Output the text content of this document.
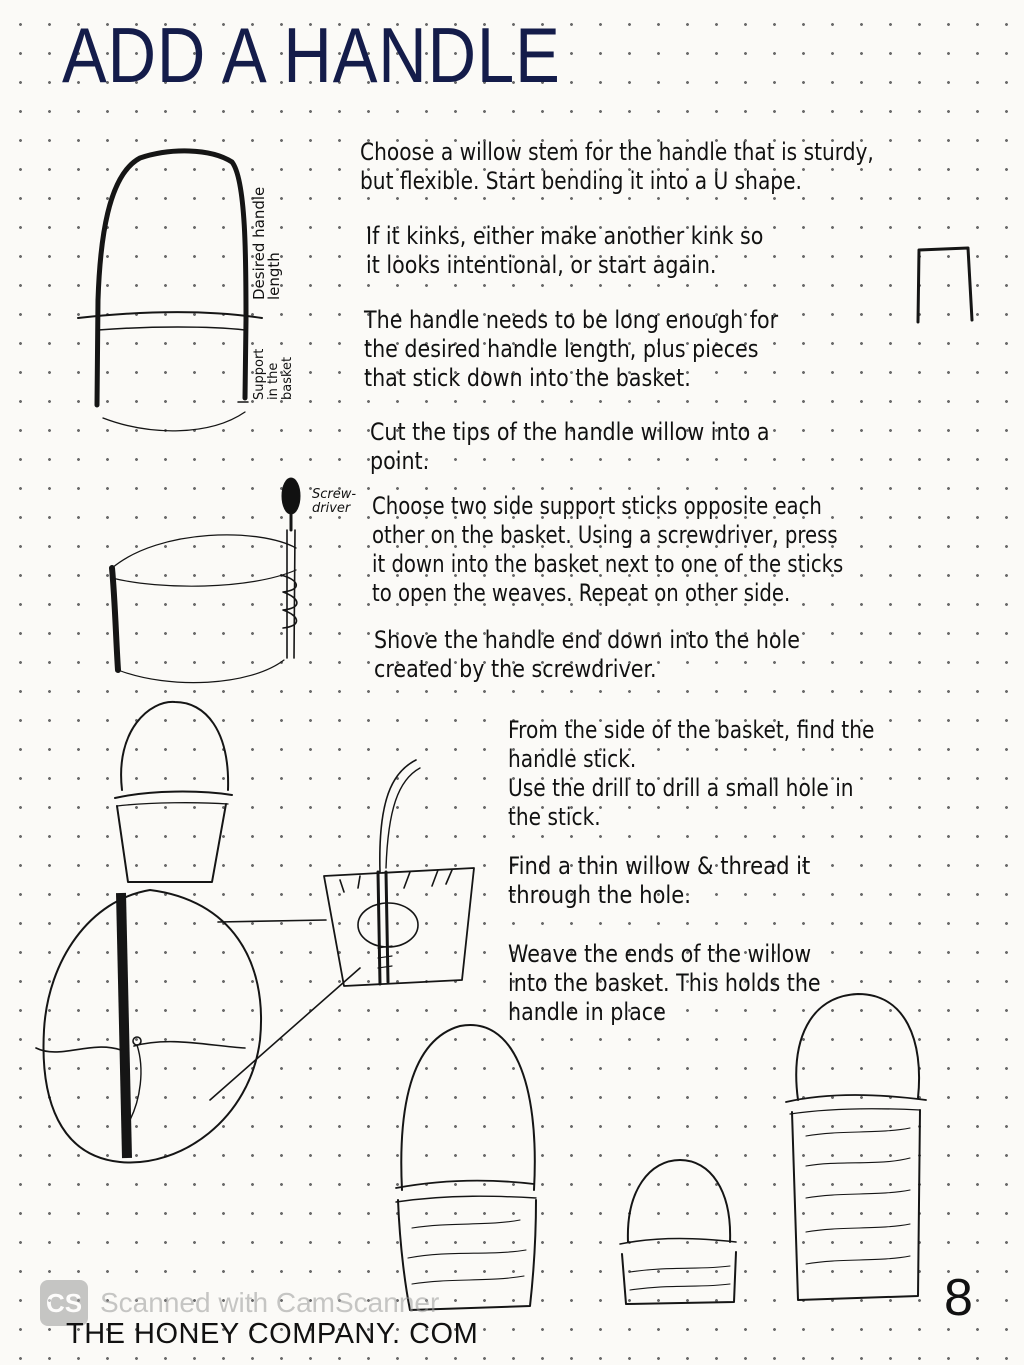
ADD A HANDLE
Desired handle
length
Support
in the
basket
Screw-
driver

Choose a willow stem for the handle that is sturdy,
but flexible. Start bending it into a U shape.

If it kinks, either make another kink so
it looks intentional, or start again.

The handle needs to be long enough for
the desired handle length, plus pieces
that stick down into the basket.

Cut the tips of the handle willow into a
point.

Choose two side support sticks opposite each
other on the basket. Using a screwdriver, press
it down into the basket next to one of the sticks
to open the weaves. Repeat on other side.

Shove the handle end down into the hole
created by the screwdriver.

From the side of the basket, find the
handle stick.
Use the drill to drill a small hole in
the stick.

Find a thin willow & thread it
through the hole.

Weave the ends of the willow
into the basket. This holds the
handle in place

CS Scanned with CamScanner
THE HONEY COMPANY. COM
8
